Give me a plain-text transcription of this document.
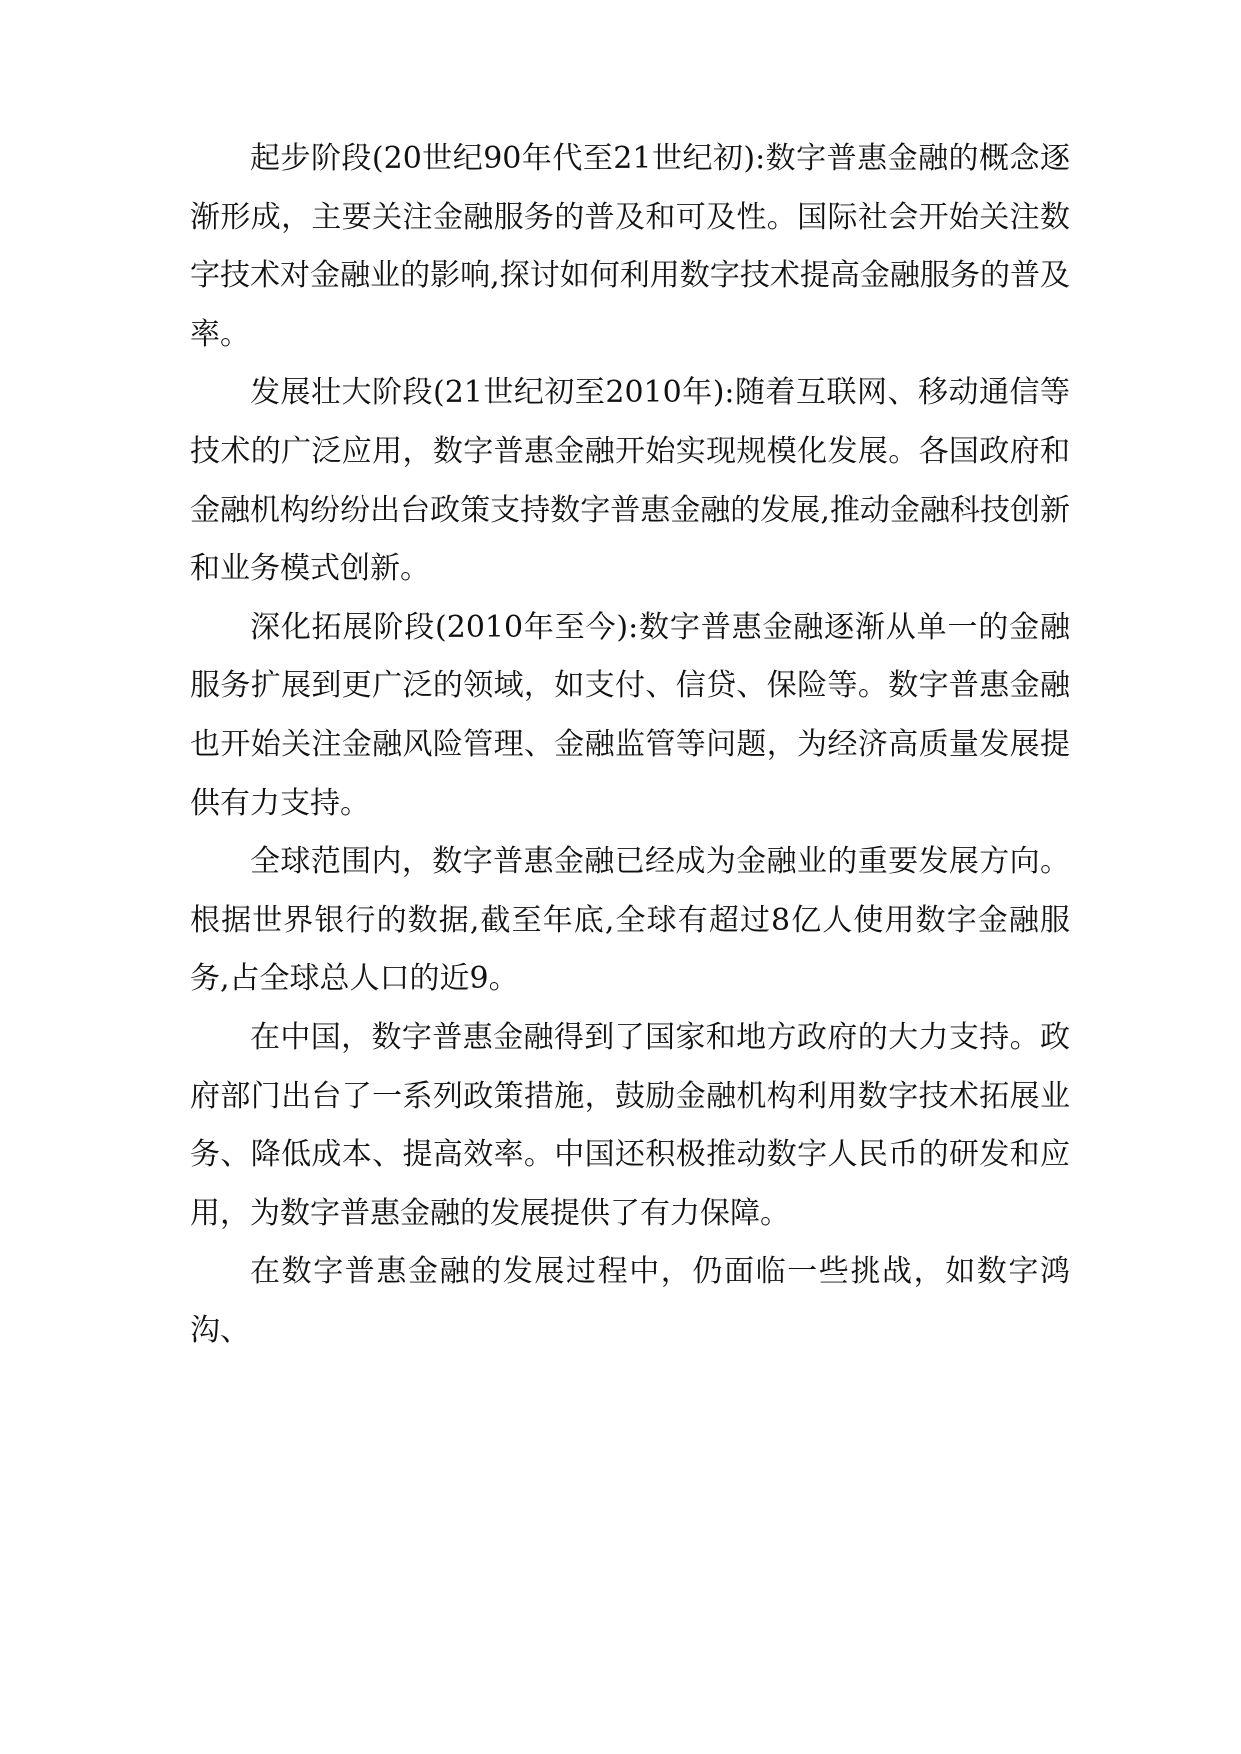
起步阶段(20世纪90年代至21世纪初):数字普惠金融的概念逐渐形成，主要关注金融服务的普及和可及性。国际社会开始关注数字技术对金融业的影响,探讨如何利用数字技术提高金融服务的普及率。

发展壮大阶段(21世纪初至2010年):随着互联网、移动通信等技术的广泛应用，数字普惠金融开始实现规模化发展。各国政府和金融机构纷纷出台政策支持数字普惠金融的发展,推动金融科技创新和业务模式创新。

深化拓展阶段(2010年至今):数字普惠金融逐渐从单一的金融服务扩展到更广泛的领域，如支付、信贷、保险等。数字普惠金融也开始关注金融风险管理、金融监管等问题，为经济高质量发展提供有力支持。

全球范围内，数字普惠金融已经成为金融业的重要发展方向。根据世界银行的数据,截至年底,全球有超过8亿人使用数字金融服务,占全球总人口的近9。

在中国，数字普惠金融得到了国家和地方政府的大力支持。政府部门出台了一系列政策措施，鼓励金融机构利用数字技术拓展业务、降低成本、提高效率。中国还积极推动数字人民币的研发和应用，为数字普惠金融的发展提供了有力保障。

在数字普惠金融的发展过程中，仍面临一些挑战，如数字鸿沟、
